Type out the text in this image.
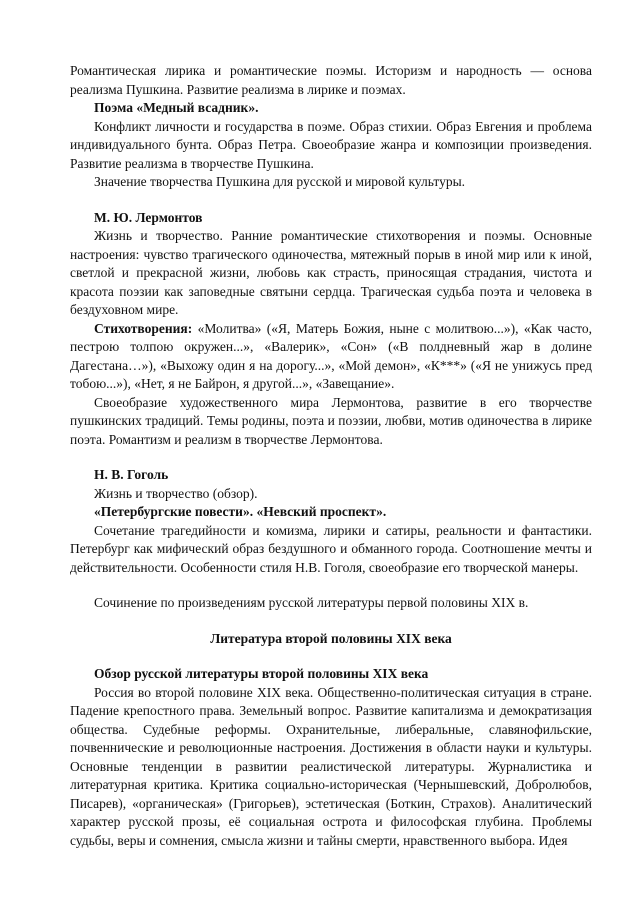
Романтическая лирика и романтические поэмы. Историзм и народность — основа реализма Пушкина. Развитие реализма в лирике и поэмах.

Поэма «Медный всадник».

Конфликт личности и государства в поэме. Образ стихии. Образ Евгения и проблема индивидуального бунта. Образ Петра. Своеобразие жанра и композиции произведения. Развитие реализма в творчестве Пушкина.

Значение творчества Пушкина для русской и мировой культуры.

М. Ю. Лермонтов

Жизнь и творчество. Ранние романтические стихотворения и поэмы. Основные настроения: чувство трагического одиночества, мятежный порыв в иной мир или к иной, светлой и прекрасной жизни, любовь как страсть, приносящая страдания, чистота и красота поэзии как заповедные святыни сердца. Трагическая судьба поэта и человека в бездуховном мире.

Стихотворения: «Молитва» («Я, Матерь Божия, ныне с молитвою...»), «Как часто, пестрою толпою окружен...», «Валерик», «Сон» («В полдневный жар в долине Дагестана…»), «Выхожу один я на дорогу...», «Мой демон», «К***» («Я не унижусь пред тобою...»), «Нет, я не Байрон, я другой...», «Завещание».

Своеобразие художественного мира Лермонтова, развитие в его творчестве пушкинских традиций. Темы родины, поэта и поэзии, любви, мотив одиночества в лирике поэта. Романтизм и реализм в творчестве Лермонтова.

Н. В. Гоголь

Жизнь и творчество (обзор).

«Петербургские повести». «Невский проспект».

Сочетание трагедийности и комизма, лирики и сатиры, реальности и фантастики. Петербург как мифический образ бездушного и обманного города. Соотношение мечты и действительности. Особенности стиля Н.В. Гоголя, своеобразие его творческой манеры.

Сочинение по произведениям русской литературы первой половины XIX в.

Литература второй половины XIX века

Обзор русской литературы второй половины XIX века

Россия во второй половине XIX века. Общественно-политическая ситуация в стране. Падение крепостного права. Земельный вопрос. Развитие капитализма и демократизация общества. Судебные реформы. Охранительные, либеральные, славянофильские, почвеннические и революционные настроения. Достижения в области науки и культуры. Основные тенденции в развитии реалистической литературы. Журналистика и литературная критика. Критика социально-историческая (Чернышевский, Добролюбов, Писарев), «органическая» (Григорьев), эстетическая (Боткин, Страхов). Аналитический характер русской прозы, её социальная острота и философская глубина. Проблемы судьбы, веры и сомнения, смысла жизни и тайны смерти, нравственного выбора. Идея
